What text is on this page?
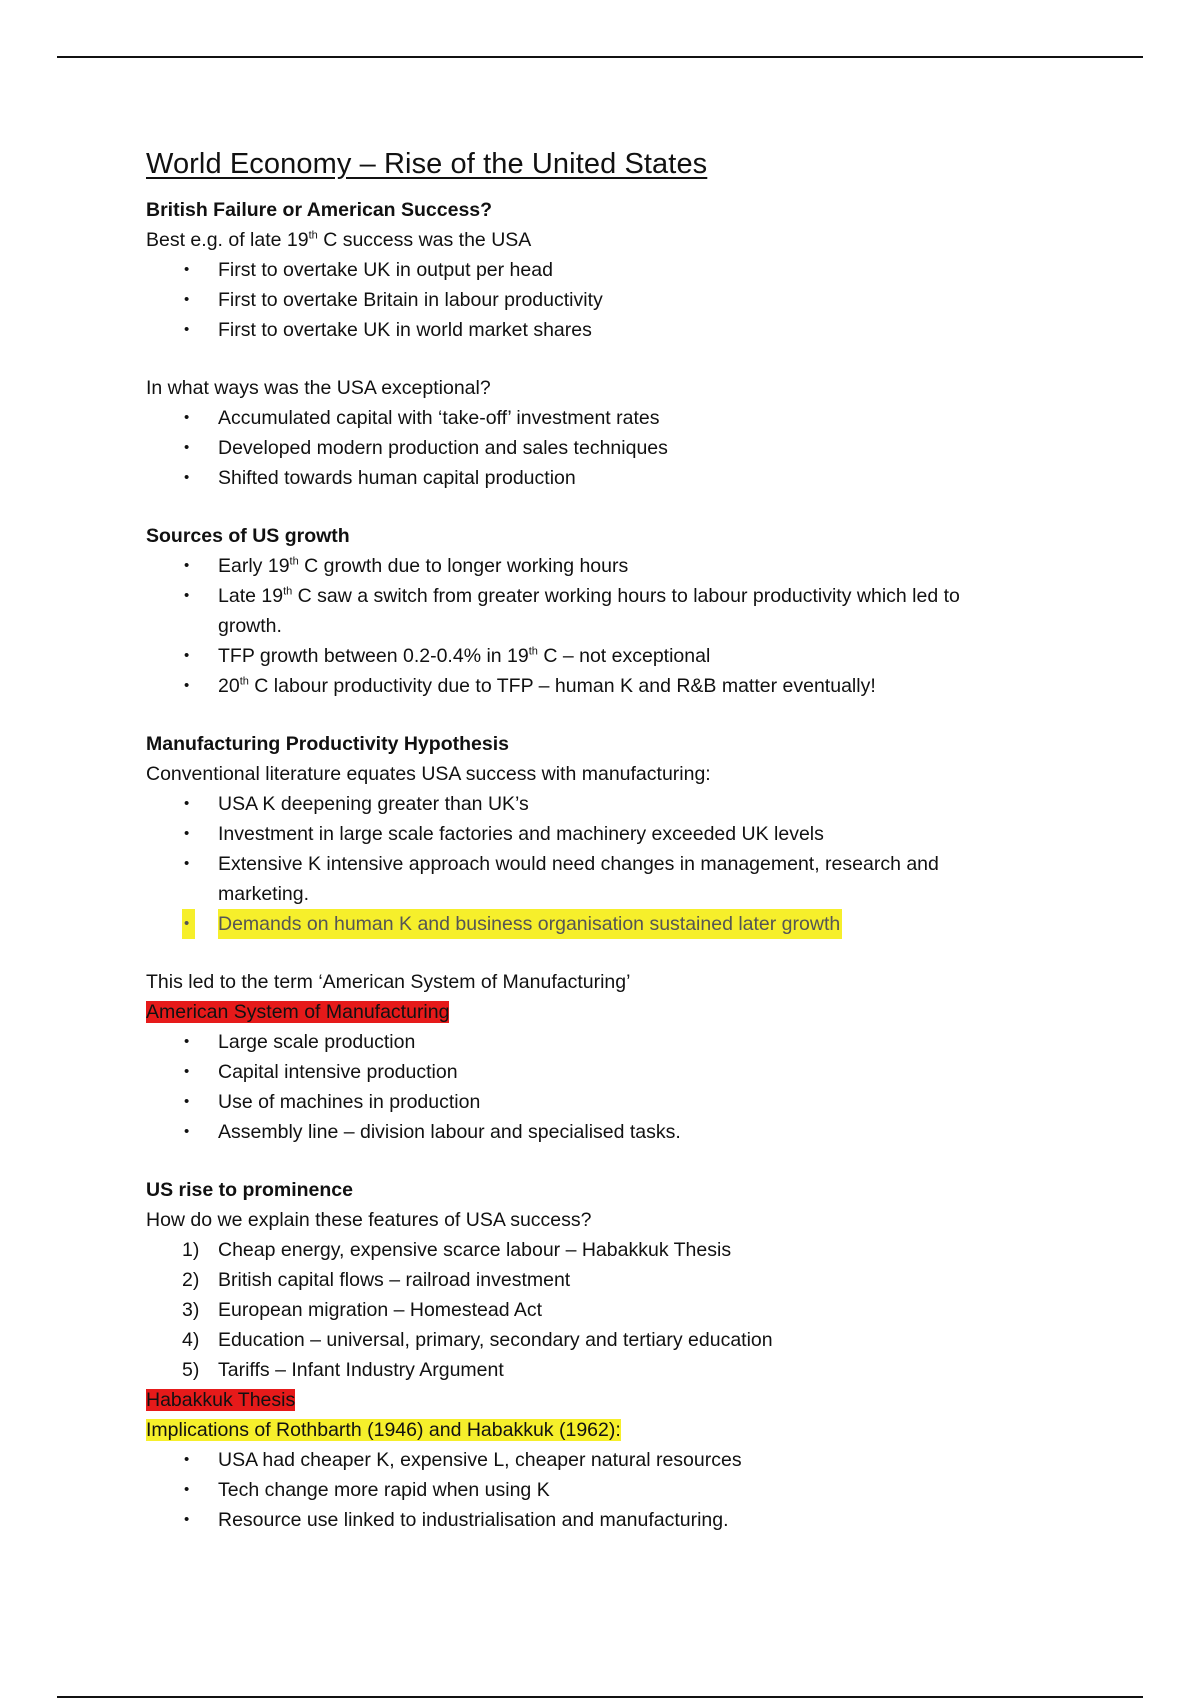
World Economy – Rise of the United States

British Failure or American Success?

Best e.g. of late 19th C success was the USA

• First to overtake UK in output per head
• First to overtake Britain in labour productivity
• First to overtake UK in world market shares

In what ways was the USA exceptional?

• Accumulated capital with ‘take-off’ investment rates
• Developed modern production and sales techniques
• Shifted towards human capital production

Sources of US growth

• Early 19th C growth due to longer working hours
• Late 19th C saw a switch from greater working hours to labour productivity which led to
growth.
• TFP growth between 0.2-0.4% in 19th C – not exceptional
• 20th C labour productivity due to TFP – human K and R&B matter eventually!

Manufacturing Productivity Hypothesis

Conventional literature equates USA success with manufacturing:

• USA K deepening greater than UK’s
• Investment in large scale factories and machinery exceeded UK levels
• Extensive K intensive approach would need changes in management, research and
marketing.
•	Demands on human K and business organisation sustained later growth

This led to the term ‘American System of Manufacturing’

American System of Manufacturing

• Large scale production
• Capital intensive production
• Use of machines in production
• Assembly line – division labour and specialised tasks.

US rise to prominence

How do we explain these features of USA success?

1) Cheap energy, expensive scarce labour – Habakkuk Thesis
2) British capital flows – railroad investment
3) European migration – Homestead Act
4) Education – universal, primary, secondary and tertiary education
5) Tariffs – Infant Industry Argument

Habakkuk Thesis

Implications of Rothbarth (1946) and Habakkuk (1962):

• USA had cheaper K, expensive L, cheaper natural resources
• Tech change more rapid when using K
• Resource use linked to industrialisation and manufacturing.
